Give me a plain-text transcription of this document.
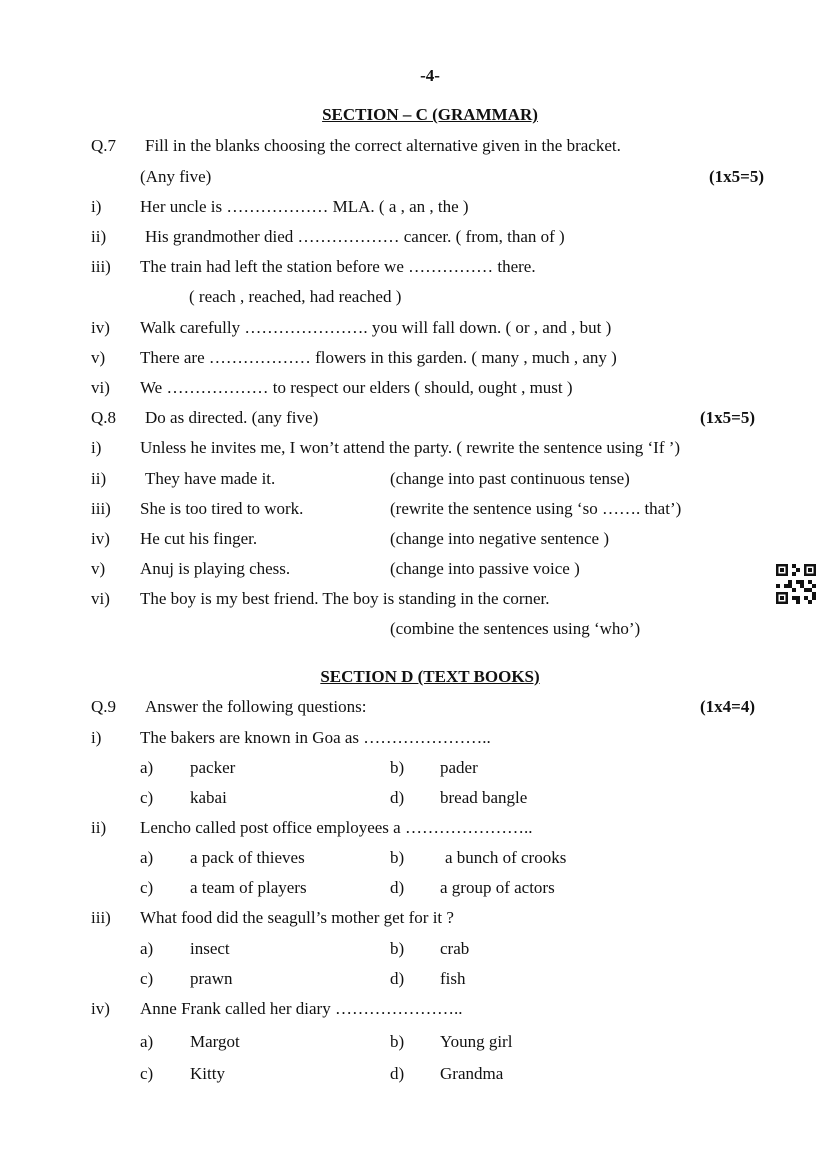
-4-
SECTION – C (GRAMMAR)
Q.7 Fill in the blanks choosing the correct alternative given in the bracket.
(Any five)	(1x5=5)
i) Her uncle is ……………… MLA. ( a , an , the )
ii) His grandmother died ……………… cancer. ( from, than of )
iii) The train had left the station before we …………… there.
( reach , reached, had reached )
iv) Walk carefully …………………. you will fall down. ( or , and , but )
v) There are ……………… flowers in this garden. ( many , much , any )
vi) We ……………… to respect our elders ( should, ought , must )
Q.8 Do as directed. (any five)	(1x5=5)
i) Unless he invites me, I won’t attend the party. ( rewrite the sentence using ‘If ’)
ii) They have made it.	(change into past continuous tense)
iii) She is too tired to work.	(rewrite the sentence using ‘so ……. that’)
iv) He cut his finger.	(change into negative sentence )
v) Anuj is playing chess.	(change into passive voice )
vi) The boy is my best friend. The boy is standing in the corner.
(combine the sentences using ‘who’)
SECTION D (TEXT BOOKS)
Q.9 Answer the following questions:	(1x4=4)
i) The bakers are known in Goa as …………………..
a) packer	b) pader
c) kabai	d) bread bangle
ii) Lencho called post office employees a …………………..
a) a pack of thieves	b) a bunch of crooks
c) a team of players	d) a group of actors
iii) What food did the seagull’s mother get for it ?
a) insect	b) crab
c) prawn	d) fish
iv) Anne Frank called her diary …………………..
a) Margot	b) Young girl
c) Kitty	d) Grandma
